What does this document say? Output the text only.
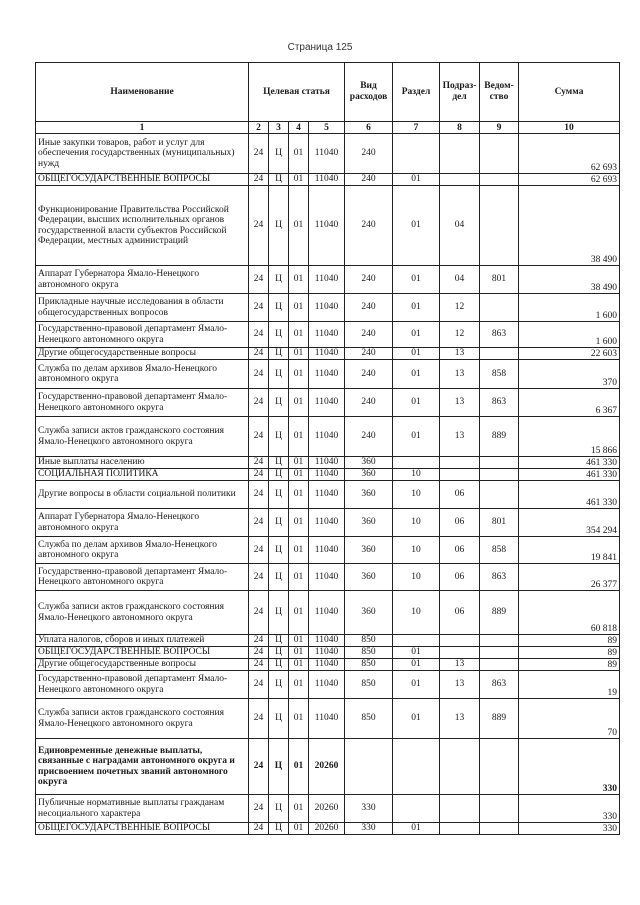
Страница 125
Наименование	Целевая статья				Вид расходов	Раздел	Подраз-дел	Ведом-ство	Сумма
1	2	3	4	5	6	7	8	9	10
Иные закупки товаров, работ и услуг для обеспечения государственных (муниципальных) нужд	24	Ц	01	11040	240				62 693
ОБЩЕГОСУДАРСТВЕННЫЕ ВОПРОСЫ	24	Ц	01	11040	240	01			62 693
Функционирование Правительства Российской Федерации, высших исполнительных органов государственной власти субъектов Российской Федерации, местных администраций	24	Ц	01	11040	240	01	04		38 490
Аппарат Губернатора Ямало-Ненецкого автономного округа	24	Ц	01	11040	240	01	04	801	38 490
Прикладные научные исследования в области общегосударственных вопросов	24	Ц	01	11040	240	01	12		1 600
Государственно-правовой департамент Ямало-Ненецкого автономного округа	24	Ц	01	11040	240	01	12	863	1 600
Другие общегосударственные вопросы	24	Ц	01	11040	240	01	13		22 603
Служба по делам архивов Ямало-Ненецкого автономного округа	24	Ц	01	11040	240	01	13	858	370
Государственно-правовой департамент Ямало-Ненецкого автономного округа	24	Ц	01	11040	240	01	13	863	6 367
Служба записи актов гражданского состояния Ямало-Ненецкого автономного округа	24	Ц	01	11040	240	01	13	889	15 866
Иные выплаты населению	24	Ц	01	11040	360				461 330
СОЦИАЛЬНАЯ ПОЛИТИКА	24	Ц	01	11040	360	10			461 330
Другие вопросы в области социальной политики	24	Ц	01	11040	360	10	06		461 330
Аппарат Губернатора Ямало-Ненецкого автономного округа	24	Ц	01	11040	360	10	06	801	354 294
Служба по делам архивов Ямало-Ненецкого автономного округа	24	Ц	01	11040	360	10	06	858	19 841
Государственно-правовой департамент Ямало-Ненецкого автономного округа	24	Ц	01	11040	360	10	06	863	26 377
Служба записи актов гражданского состояния Ямало-Ненецкого автономного округа	24	Ц	01	11040	360	10	06	889	60 818
Уплата налогов, сборов и иных платежей	24	Ц	01	11040	850				89
ОБЩЕГОСУДАРСТВЕННЫЕ ВОПРОСЫ	24	Ц	01	11040	850	01			89
Другие общегосударственные вопросы	24	Ц	01	11040	850	01	13		89
Государственно-правовой департамент Ямало-Ненецкого автономного округа	24	Ц	01	11040	850	01	13	863	19
Служба записи актов гражданского состояния Ямало-Ненецкого автономного округа	24	Ц	01	11040	850	01	13	889	70
Единовременные денежные выплаты, связанные с наградами автономного округа и присвоением почетных званий автономного округа	24	Ц	01	20260					330
Публичные нормативные выплаты гражданам несоциального характера	24	Ц	01	20260	330				330
ОБЩЕГОСУДАРСТВЕННЫЕ ВОПРОСЫ	24	Ц	01	20260	330	01			330
